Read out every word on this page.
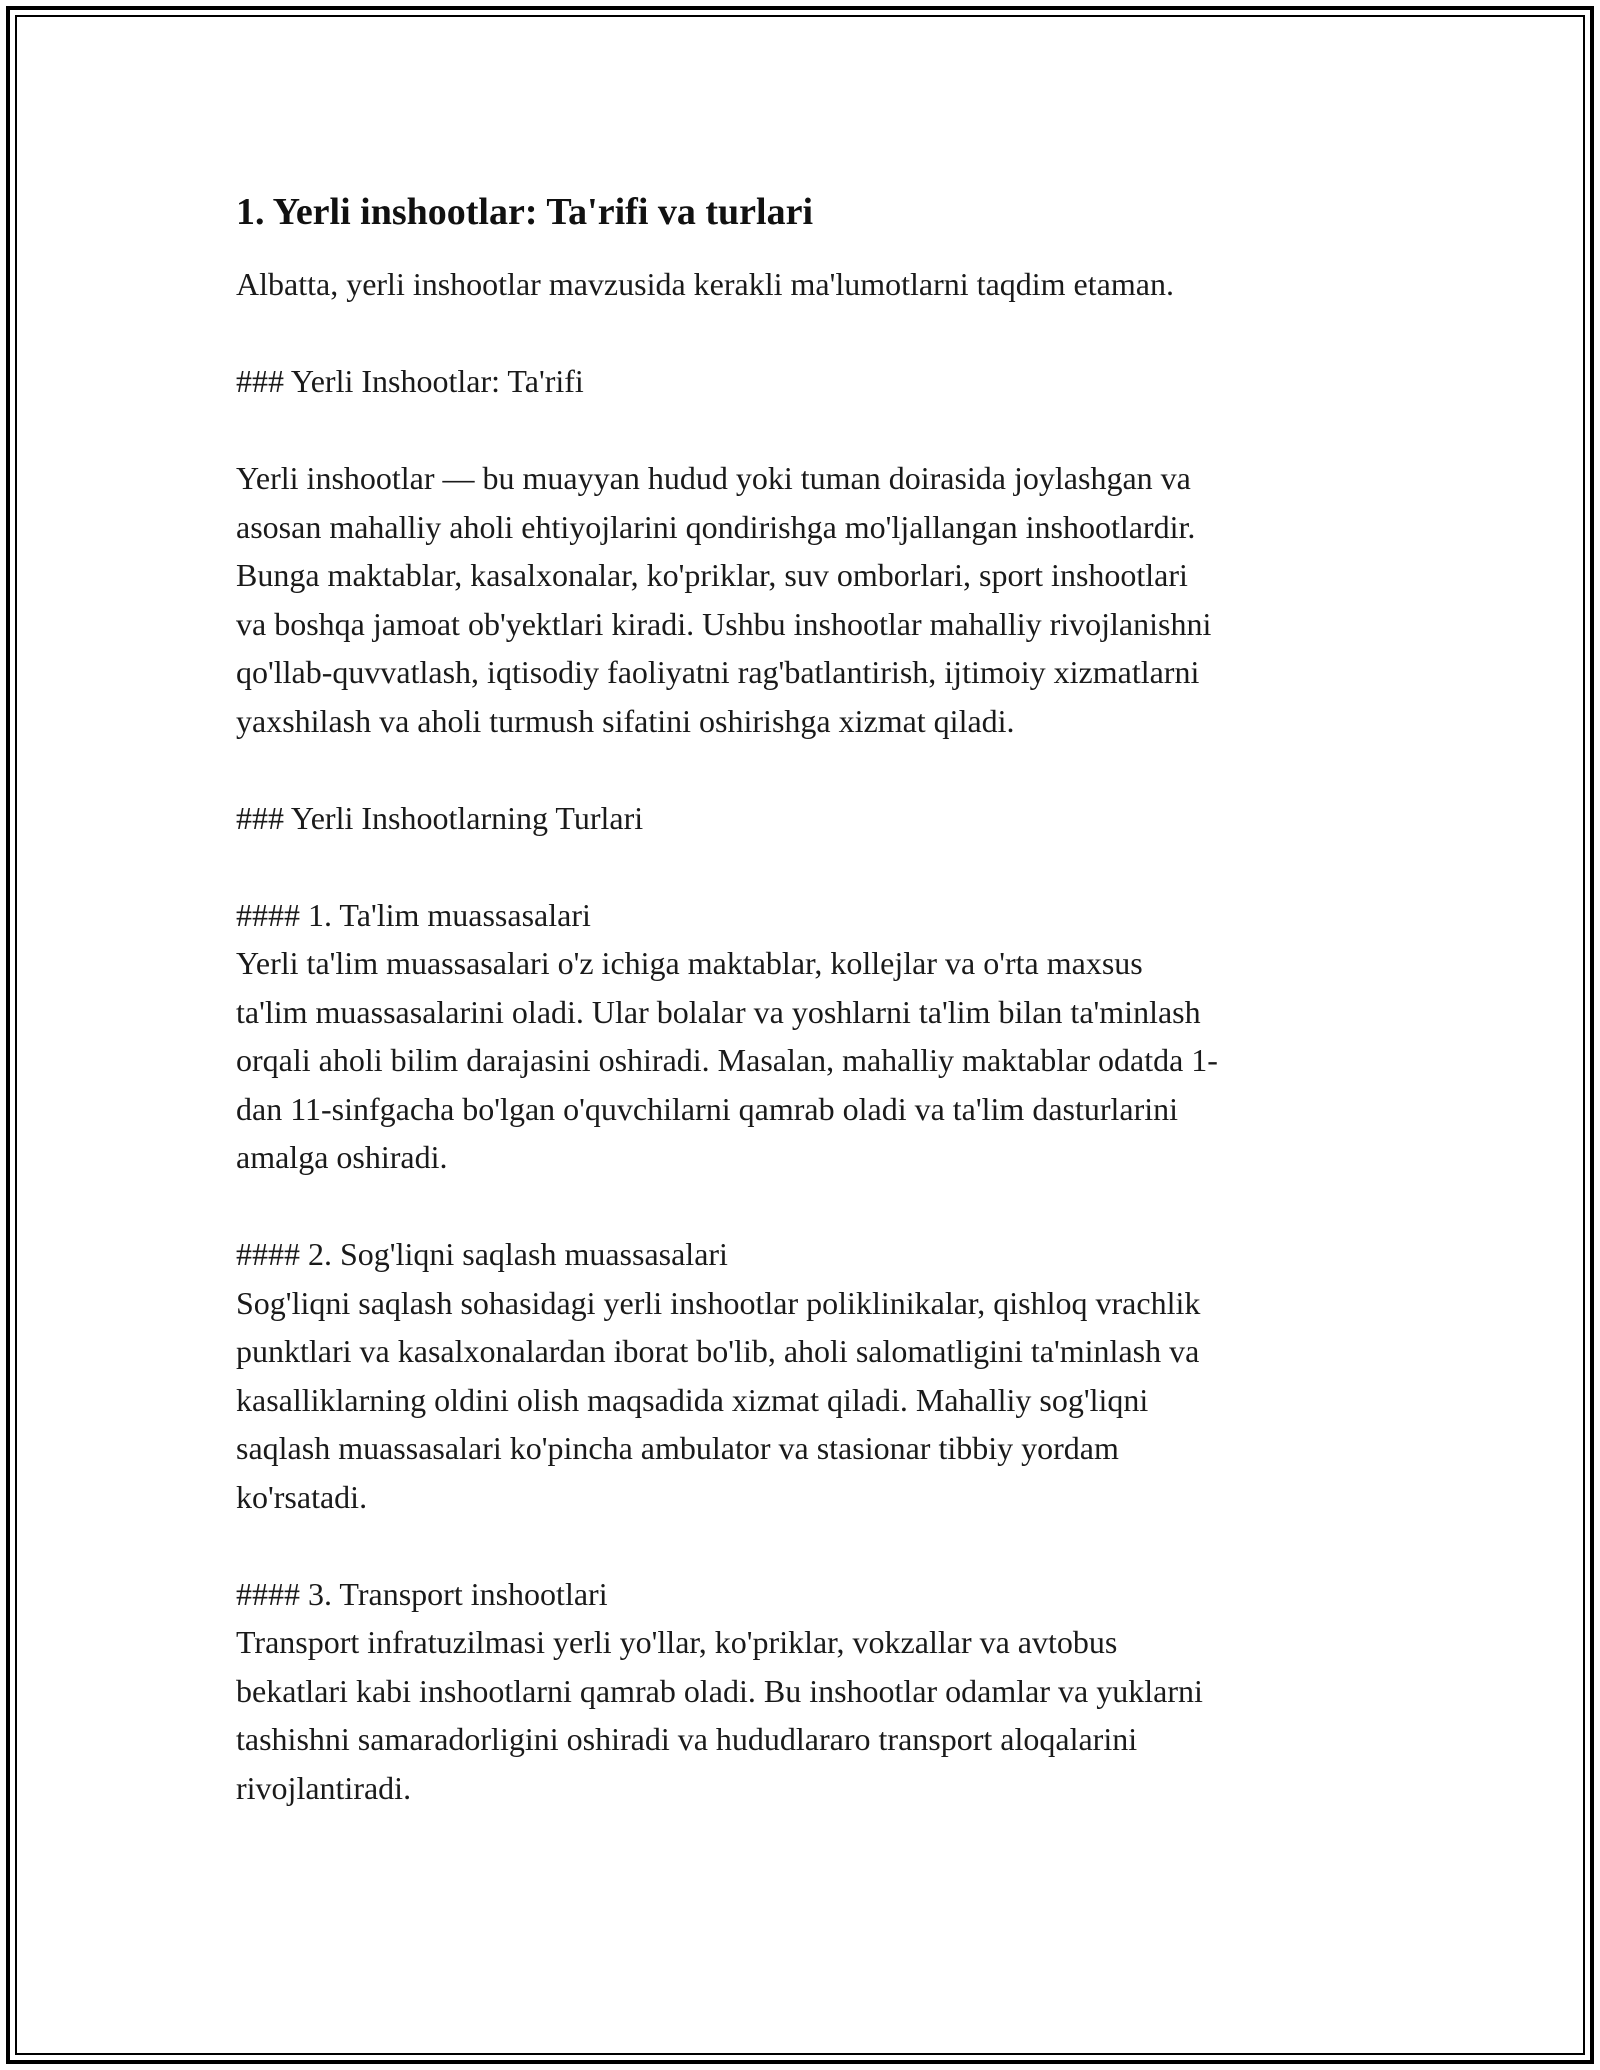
1. Yerli inshootlar: Ta'rifi va turlari

Albatta, yerli inshootlar mavzusida kerakli ma'lumotlarni taqdim etaman.

### Yerli Inshootlar: Ta'rifi

Yerli inshootlar — bu muayyan hudud yoki tuman doirasida joylashgan va
asosan mahalliy aholi ehtiyojlarini qondirishga mo'ljallangan inshootlardir.
Bunga maktablar, kasalxonalar, ko'priklar, suv omborlari, sport inshootlari
va boshqa jamoat ob'yektlari kiradi. Ushbu inshootlar mahalliy rivojlanishni
qo'llab-quvvatlash, iqtisodiy faoliyatni rag'batlantirish, ijtimoiy xizmatlarni
yaxshilash va aholi turmush sifatini oshirishga xizmat qiladi.

### Yerli Inshootlarning Turlari

#### 1. Ta'lim muassasalari

Yerli ta'lim muassasalari o'z ichiga maktablar, kollejlar va o'rta maxsus
ta'lim muassasalarini oladi. Ular bolalar va yoshlarni ta'lim bilan ta'minlash
orqali aholi bilim darajasini oshiradi. Masalan, mahalliy maktablar odatda 1-
dan 11-sinfgacha bo'lgan o'quvchilarni qamrab oladi va ta'lim dasturlarini
amalga oshiradi.

#### 2. Sog'liqni saqlash muassasalari

Sog'liqni saqlash sohasidagi yerli inshootlar poliklinikalar, qishloq vrachlik
punktlari va kasalxonalardan iborat bo'lib, aholi salomatligini ta'minlash va
kasalliklarning oldini olish maqsadida xizmat qiladi. Mahalliy sog'liqni
saqlash muassasalari ko'pincha ambulator va stasionar tibbiy yordam
ko'rsatadi.

#### 3. Transport inshootlari

Transport infratuzilmasi yerli yo'llar, ko'priklar, vokzallar va avtobus
bekatlari kabi inshootlarni qamrab oladi. Bu inshootlar odamlar va yuklarni
tashishni samaradorligini oshiradi va hududlararo transport aloqalarini
rivojlantiradi.
